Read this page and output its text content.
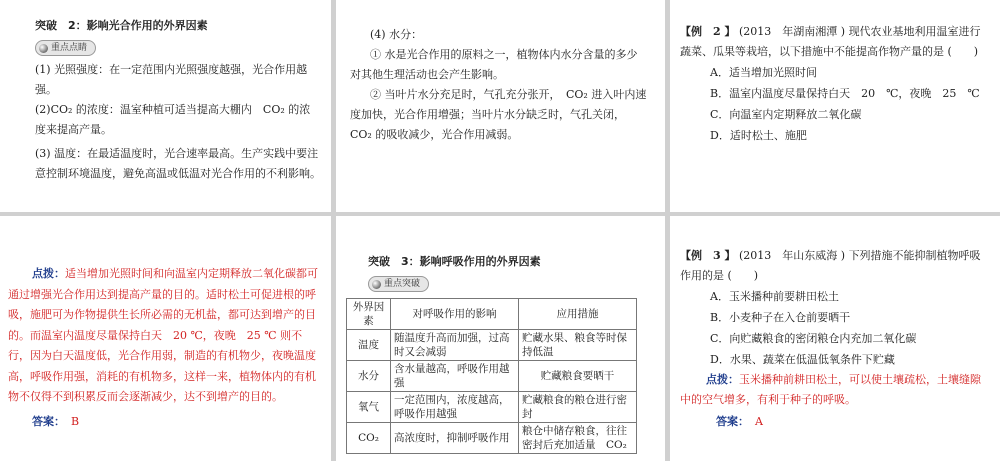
突破　2：影响光合作用的外界因素
重点点睛

(1) 光照强度：在一定范围内光照强度越强，光合作用越强。

(2)CO₂ 的浓度：温室种植可适当提高大棚内　CO₂ 的浓度来提高产量。

(3) 温度：在最适温度时，光合速率最高。生产实践中要注意控制环境温度，避免高温或低温对光合作用的不利影响。

(4) 水分：

① 水是光合作用的原料之一，植物体内水分含量的多少对其他生理活动也会产生影响。

② 当叶片水分充足时，气孔充分张开，　CO₂ 进入叶内速度加快，光合作用增强；当叶片水分缺乏时，气孔关闭，　CO₂ 的吸收减少，光合作用减弱。

【例　2 】 (2013　年湖南湘潭 ) 现代农业基地利用温室进行蔬菜、瓜果等栽培，以下措施中不能提高作物产量的是 (　　)

A．适当增加光照时间

B．温室内温度尽量保持白天　20　℃，夜晚　25　℃

C．向温室内定期释放二氧化碳

D．适时松土、施肥

点拨：适当增加光照时间和向温室内定期释放二氧化碳都可通过增强光合作用达到提高产量的目的。适时松土可促进根的呼吸，施肥可为作物提供生长所必需的无机盐，都可达到增产的目的。而温室内温度尽量保持白天　20 ℃，夜晚　25 ℃ 则不行，因为白天温度低，光合作用弱，制造的有机物少，夜晚温度高，呼吸作用强，消耗的有机物多，这样一来，植物体内的有机物不仅得不到积累反而会逐渐减少，达不到增产的目的。

答案： B

突破　3：影响呼吸作用的外界因素
重点突破
外界因素	对呼吸作用的影响	应用措施
温度	随温度升高而加强，过高时又会减弱	贮藏水果、粮食等时保持低温
水分	含水量越高，呼吸作用越强	贮藏粮食要晒干
氧气	一定范围内，浓度越高，呼吸作用越强	贮藏粮食的粮仓进行密封
CO₂	高浓度时，抑制呼吸作用	粮仓中储存粮食，往往密封后充加适量　CO₂

【例　3 】 (2013　年山东威海 ) 下列措施不能抑制植物呼吸作用的是 (　　)

A．玉米播种前要耕田松土

B．小麦种子在入仓前要晒干

C．向贮藏粮食的密闭粮仓内充加二氧化碳

D．水果、蔬菜在低温低氧条件下贮藏

点拨：玉米播种前耕田松土，可以使土壤疏松，土壤缝隙中的空气增多，有利于种子的呼吸。

答案： A
